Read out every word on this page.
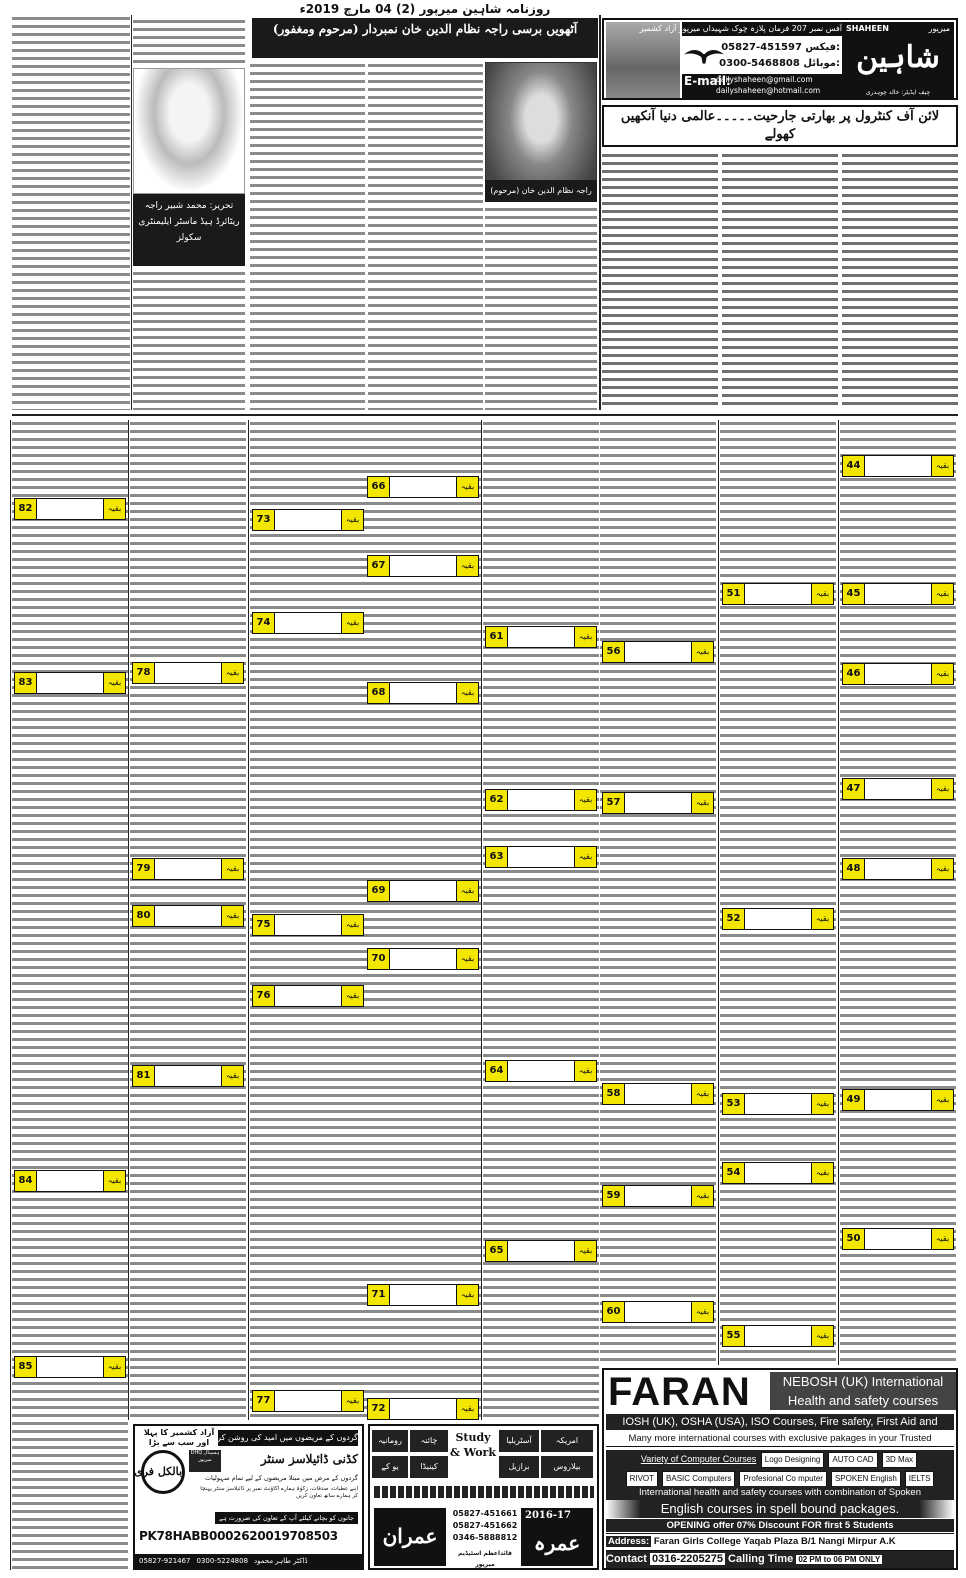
روزنامہ شاہین میرپور (2) 04 مارچ 2019ء
تحریر: محمد شبیر راجہ
ریٹائرڈ ہیڈ ماسٹر ایلیمنٹری سکولز
آٹھویں برسی راجہ نظام الدین خان نمبردار (مرحوم ومغفور)
راجہ نظام الدین خان (مرحوم)
آفس نمبر 207 فرمان پلازہ چوک شہیداں میرپور آزاد کشمیر
05827-451597 فیکس:
0300-5468808 موبائل:
E-mail:
dailyshaheen@gmail.com
dailyshaheen@hotmail.com
SHAHEEN	میرپور
شاہین
چیف ایڈیٹر: خالد چوہدری
لائن آف کنٹرول پر بھارتی جارحیت۔۔۔۔۔عالمی دنیا آنکھیں کھولے
44	بقیہ
45	بقیہ
46	بقیہ
47	بقیہ
48	بقیہ
49	بقیہ
50	بقیہ
51	بقیہ
52	بقیہ
53	بقیہ
54	بقیہ
55	بقیہ
56	بقیہ
57	بقیہ
58	بقیہ
59	بقیہ
60	بقیہ
61	بقیہ
62	بقیہ
63	بقیہ
64	بقیہ
65	بقیہ
66	بقیہ
67	بقیہ
68	بقیہ
69	بقیہ
70	بقیہ
71	بقیہ
72	بقیہ
73	بقیہ
74	بقیہ
75	بقیہ
76	بقیہ
77	بقیہ
78	بقیہ
79	بقیہ
80	بقیہ
81	بقیہ
82	بقیہ
83	بقیہ
84	بقیہ
85	بقیہ
آزاد کشمیر کا پہلا اور سب سے بڑا
گردوں کے مریضوں میں امید کی روشن کرن
بالکل فری
DHQ ہسپتال میرپور	کڈنی ڈائیلاسز سنٹر
گردوں کے مرض میں مبتلا مریضوں کے لیے تمام سہولیات
اپنے عطیات، صدقات، زکوٰۃ ہمارے اکاؤنٹ نمبر پر ڈائیلاسز سنٹر پہنچا کر ہمارے ساتھ تعاون کریں
جانوں کو بچانے کیلئے آپ کے تعاون کی ضرورت ہے
PK78HABB0002620019708503
05827-921467 0300-5224808 ڈاکٹر طاہر محمود
امریکہ
آسٹریلیا
چائنہ
رومانیہ
بیلاروس
برازیل
کینیڈا
یو کے
Study & Work
05827-451661
05827-451662
0346-5888812
قائداعظم اسٹیڈیم میرپور
عمران	عمرہ
2016-17
FARAN	NEBOSH (UK) International
Health and safety courses
IOSH (UK), OSHA (USA), ISO Courses, Fire safety, First Aid and
Many more international courses with exclusive pakages in your Trusted
Variety of Computer Courses Logo Designing AUTO CAD 3D Max
RIVOT BASIC Computers Profesional Co mputer SPOKEN English IELTS
International health and safety courses with combination of Spoken
English courses in spell bound packages.
OPENING offer 07% Discount FOR first 5 Students
Address: Faran Girls College Yaqab Plaza B/1 Nangi Mirpur A.K
Contact 0316-2205275 Calling Time 02 PM to 06 PM ONLY
